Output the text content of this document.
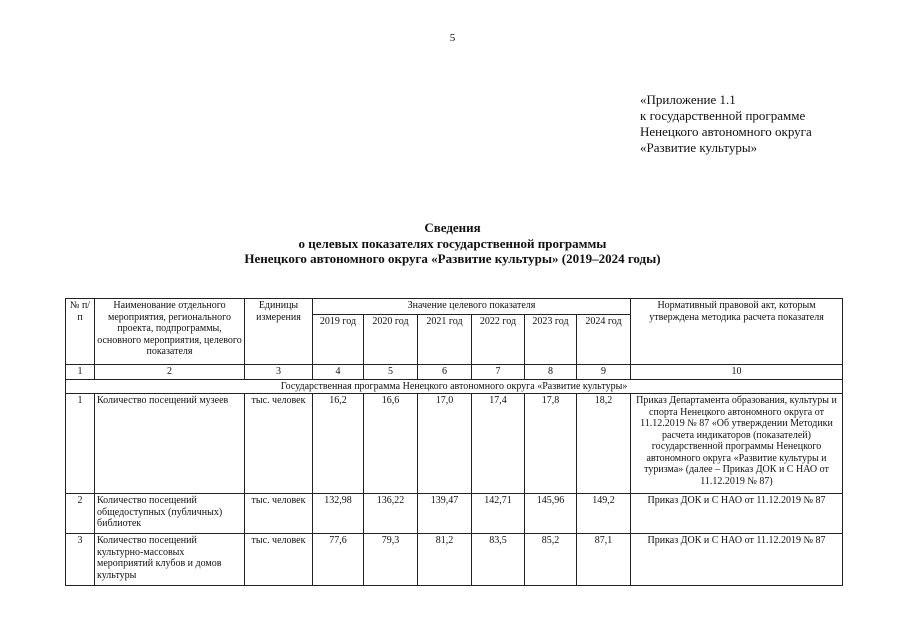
5
«Приложение 1.1
к государственной программе
Ненецкого автономного округа
«Развитие культуры»
Сведения
о целевых показателях государственной программы
Ненецкого автономного округа «Развитие культуры» (2019–2024 годы)
№ п/п	Наименование отдельного мероприятия, регионального проекта, подпрограммы, основного мероприятия, целевого показателя	Единицы измерения	Значение целевого показателя						Нормативный правовой акт, которым утверждена методика расчета показателя
			2019 год	2020 год	2021 год	2022 год	2023 год	2024 год	
1	2	3	4	5	6	7	8	9	10
Государственная программа Ненецкого автономного округа «Развитие культуры»									
1	Количество посещений музеев	тыс. человек	16,2	16,6	17,0	17,4	17,8	18,2	Приказ Департамента образования, культуры и спорта Ненецкого автономного округа от 11.12.2019 № 87 «Об утверждении Методики расчета индикаторов (показателей) государственной программы Ненецкого автономного округа «Развитие культуры и туризма» (далее – Приказ ДОК и С НАО от 11.12.2019 № 87)
2	Количество посещений общедоступных (публичных) библиотек	тыс. человек	132,98	136,22	139,47	142,71	145,96	149,2	Приказ ДОК и С НАО от 11.12.2019 № 87
3	Количество посещений культурно-массовых мероприятий клубов и домов культуры	тыс. человек	77,6	79,3	81,2	83,5	85,2	87,1	Приказ ДОК и С НАО от 11.12.2019 № 87
